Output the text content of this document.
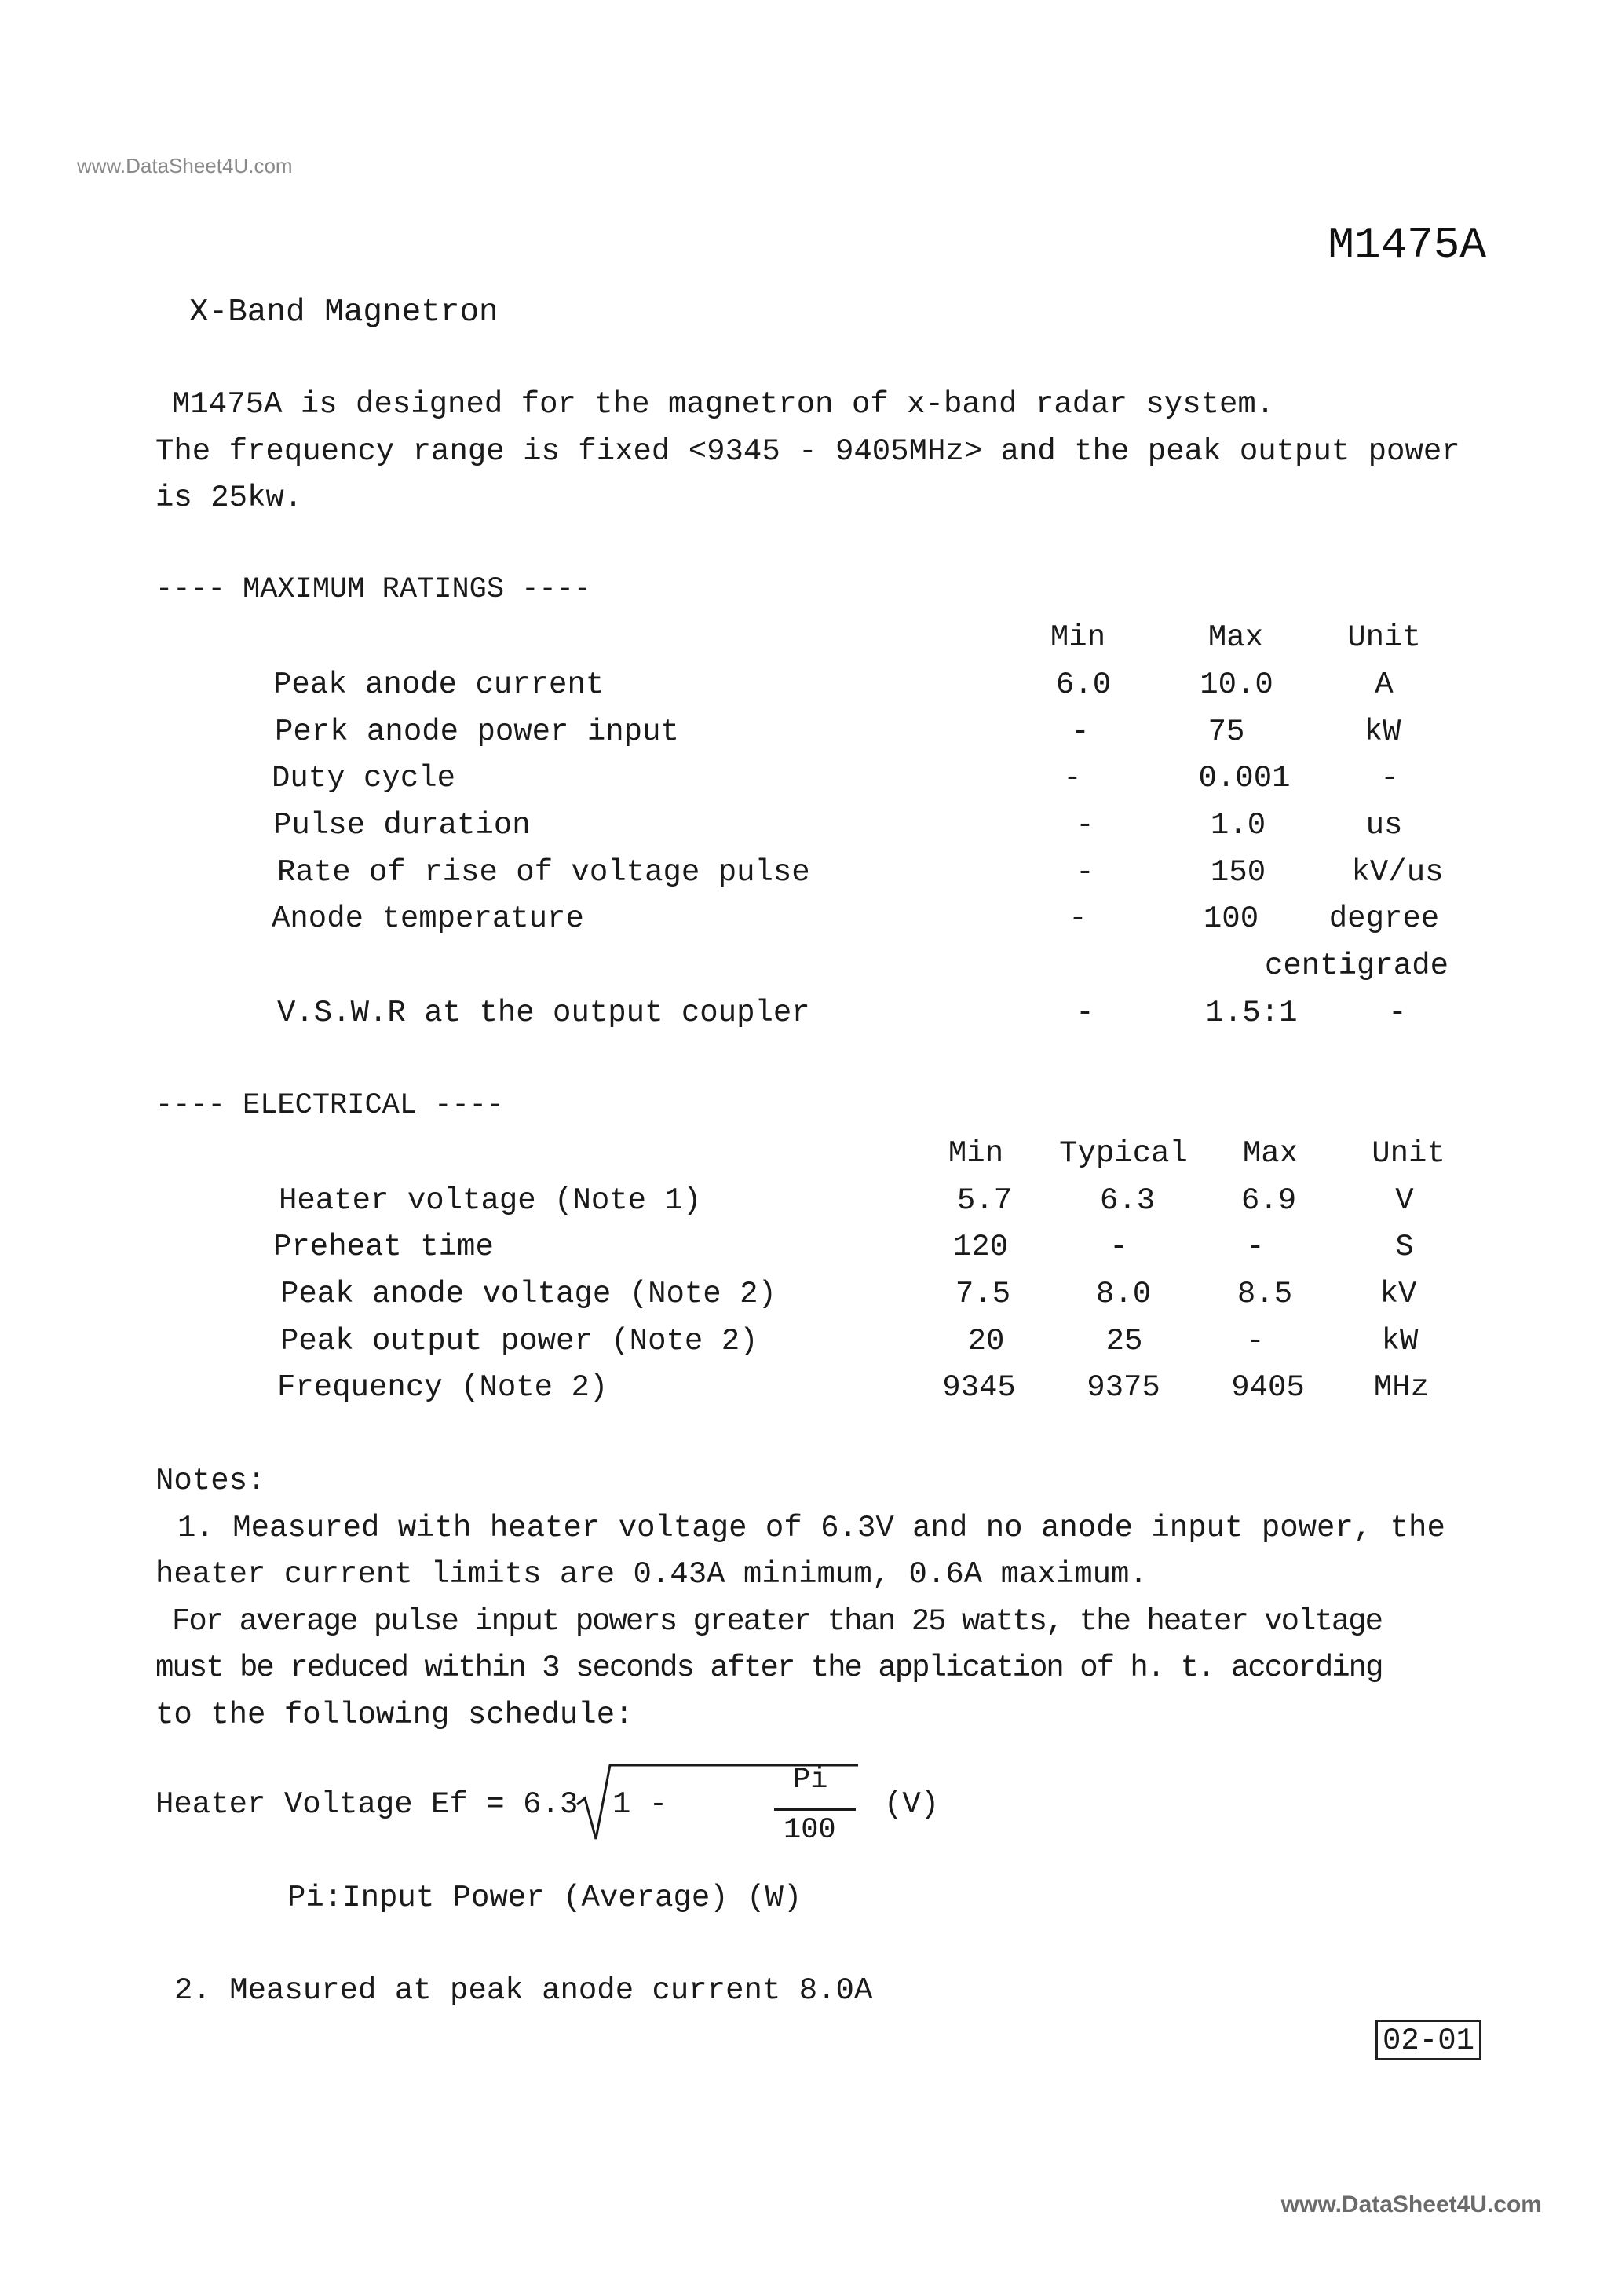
www.DataSheet4U.com
M1475A
X-Band Magnetron
M1475A is designed for the magnetron of x-band radar system.
The frequency range is fixed <9345 - 9405MHz> and the peak output power
is 25kw.
---- MAXIMUM RATINGS ----
Min	Max	Unit
Peak anode current	6.0	10.0	A
Perk anode power input	-	75	kW
Duty cycle	-	0.001	-
Pulse duration	-	1.0	us
Rate of rise of voltage pulse	-	150	kV/us
Anode temperature	-	100 degree
centigrade
V.S.W.R at the output coupler	-	1.5:1	-
---- ELECTRICAL ----
Min Typical Max Unit
Heater voltage (Note 1)	5.7	6.3	6.9	V
Preheat time	120	-	-	S
Peak anode voltage (Note 2)	7.5	8.0	8.5	kV
Peak output power (Note 2)	20	25	-	kW
Frequency (Note 2)	9345 9375 9405 MHz
Notes:
1. Measured with heater voltage of 6.3V and no anode input power, the
heater current limits are 0.43A minimum, 0.6A maximum.
For average pulse input powers greater than 25 watts, the heater voltage
must be reduced within 3 seconds after the application of h. t. according
to the following schedule:

Heater Voltage Ef = 6.3

1 -

Pi

100

(V)

Pi:Input Power (Average) (W)
2. Measured at peak anode current 8.0A
02-01
www.DataSheet4U.com
